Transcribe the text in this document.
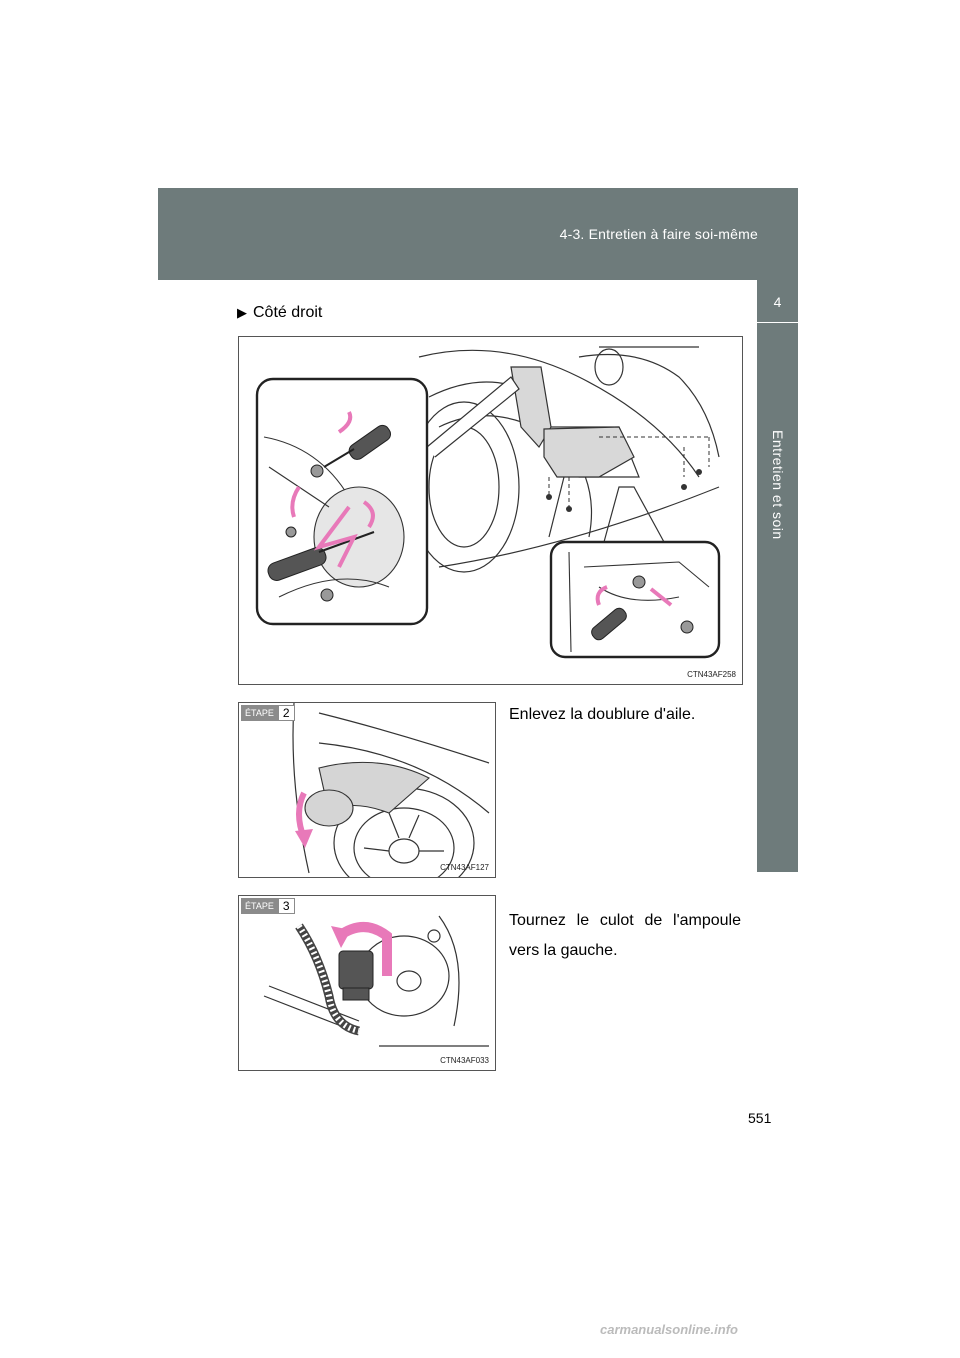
4-3. Entretien à faire soi-même
4
Entretien et soin
▶ Côté droit
CTN43AF258
ÉTAPE 2
CTN43AF127
Enlevez la doublure d'aile.
ÉTAPE 3
CTN43AF033
Tournez le culot de l'ampoule vers la gauche.
551
carmanualsonline.info
